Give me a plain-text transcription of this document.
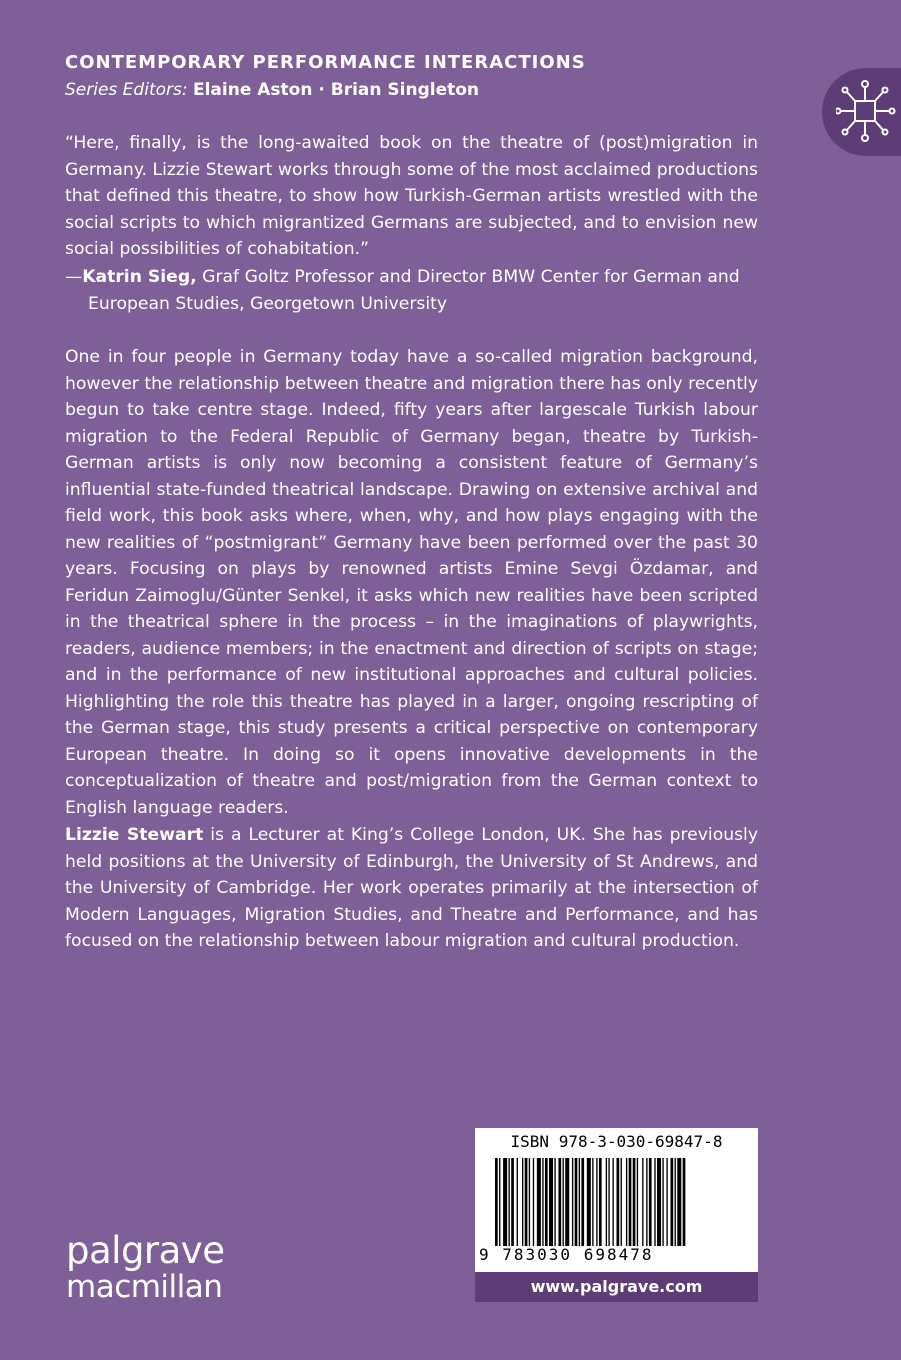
CONTEMPORARY PERFORMANCE INTERACTIONS
Series Editors: Elaine Aston · Brian Singleton

“Here, finally, is the long-awaited book on the theatre of (post)migration in Germany. Lizzie Stewart works through some of the most acclaimed productions that defined this theatre, to show how Turkish-German artists wrestled with the social scripts to which migrantized Germans are subjected, and to envision new social possibilities of cohabitation.”

—Katrin Sieg, Graf Goltz Professor and Director BMW Center for German and European Studies, Georgetown University

One in four people in Germany today have a so-called migration background, however the relationship between theatre and migration there has only recently begun to take centre stage. Indeed, fifty years after largescale Turkish labour migration to the Federal Republic of Germany began, theatre by Turkish-German artists is only now becoming a consistent feature of Germany’s influential state-funded theatrical landscape. Drawing on extensive archival and field work, this book asks where, when, why, and how plays engaging with the new realities of “postmigrant” Germany have been performed over the past 30 years. Focusing on plays by renowned artists Emine Sevgi Özdamar, and Feridun Zaimoglu/Günter Senkel, it asks which new realities have been scripted in the theatrical sphere in the process – in the imaginations of playwrights, readers, audience members; in the enactment and direction of scripts on stage; and in the performance of new institutional approaches and cultural policies. Highlighting the role this theatre has played in a larger, ongoing rescripting of the German stage, this study presents a critical perspective on contemporary European theatre. In doing so it opens innovative developments in the conceptualization of theatre and post/migration from the German context to English language readers.

Lizzie Stewart is a Lecturer at King’s College London, UK. She has previously held positions at the University of Edinburgh, the University of St Andrews, and the University of Cambridge. Her work operates primarily at the intersection of Modern Languages, Migration Studies, and Theatre and Performance, and has focused on the relationship between labour migration and cultural production.

palgrave
macmillan
ISBN 978-3-030-69847-8
9 783030 698478
www.palgrave.com
